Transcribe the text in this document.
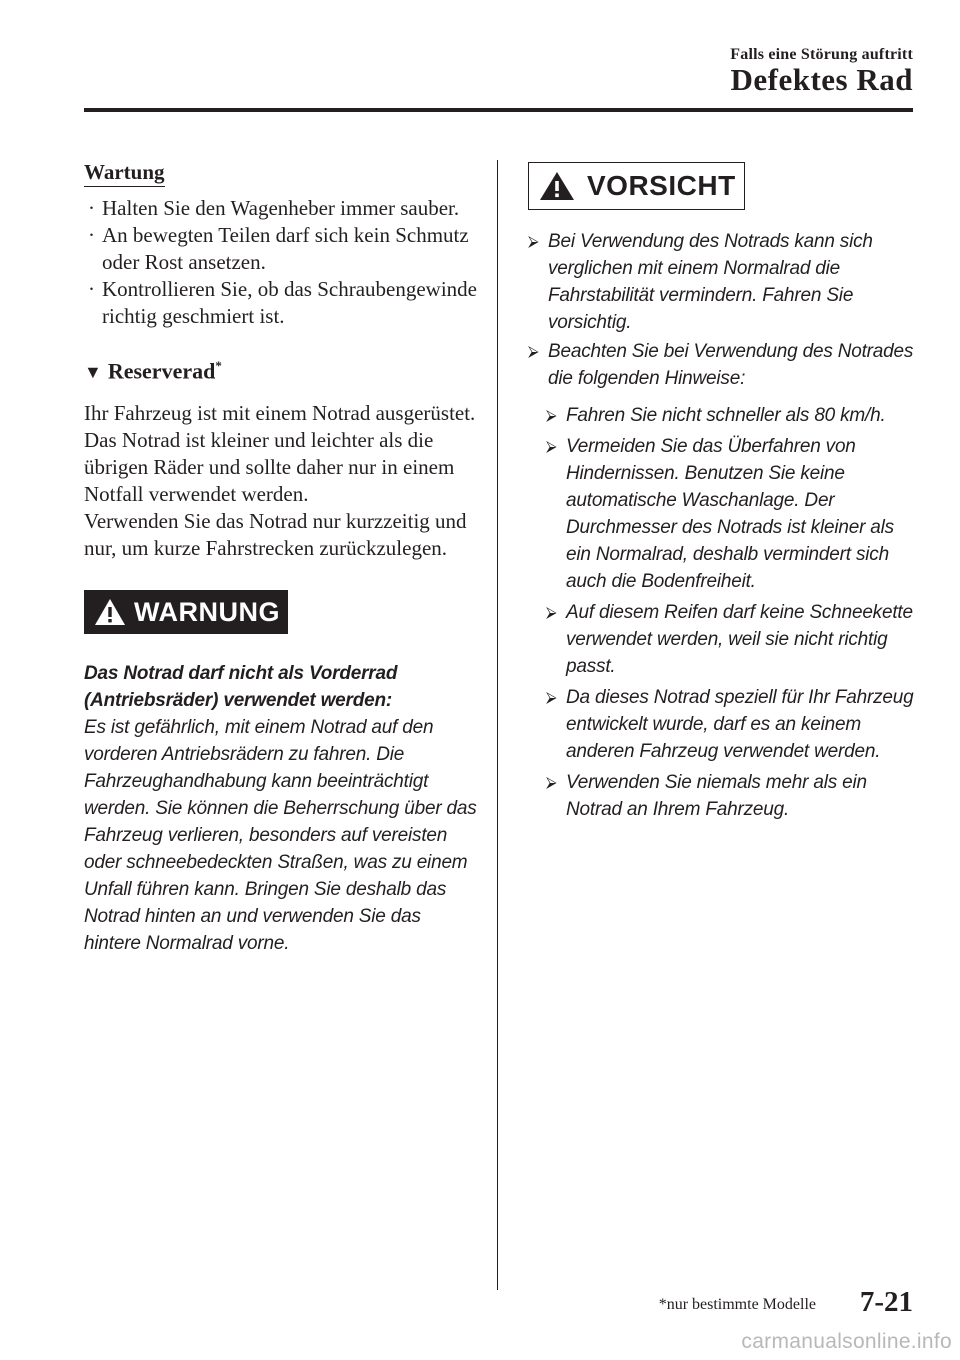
Falls eine Störung auftritt
Defektes Rad
Wartung
· Halten Sie den Wagenheber immer sauber.
· An bewegten Teilen darf sich kein Schmutz oder Rost ansetzen.
· Kontrollieren Sie, ob das Schraubengewinde richtig geschmiert ist.
▼ Reserverad*

Ihr Fahrzeug ist mit einem Notrad ausgerüstet.

Das Notrad ist kleiner und leichter als die übrigen Räder und sollte daher nur in einem Notfall verwendet werden.

Verwenden Sie das Notrad nur kurzzeitig und nur, um kurze Fahrstrecken zurückzulegen.

WARNUNG
Das Notrad darf nicht als Vorderrad (Antriebsräder) verwendet werden:
Es ist gefährlich, mit einem Notrad auf den vorderen Antriebsrädern zu fahren. Die Fahrzeughandhabung kann beeinträchtigt werden. Sie können die Beherrschung über das Fahrzeug verlieren, besonders auf vereisten oder schneebedeckten Straßen, was zu einem Unfall führen kann. Bringen Sie deshalb das Notrad hinten an und verwenden Sie das hintere Normalrad vorne.
VORSICHT
⮚ Bei Verwendung des Notrads kann sich verglichen mit einem Normalrad die Fahrstabilität vermindern. Fahren Sie vorsichtig.
⮚ Beachten Sie bei Verwendung des Notrades die folgenden Hinweise:
⮚ Fahren Sie nicht schneller als 80 km/h.
⮚ Vermeiden Sie das Überfahren von Hindernissen. Benutzen Sie keine automatische Waschanlage. Der Durchmesser des Notrads ist kleiner als ein Normalrad, deshalb vermindert sich auch die Bodenfreiheit.
⮚ Auf diesem Reifen darf keine Schneekette verwendet werden, weil sie nicht richtig passt.
⮚ Da dieses Notrad speziell für Ihr Fahrzeug entwickelt wurde, darf es an keinem anderen Fahrzeug verwendet werden.
⮚ Verwenden Sie niemals mehr als ein Notrad an Ihrem Fahrzeug.
*nur bestimmte Modelle 7-21
carmanualsonline.info
